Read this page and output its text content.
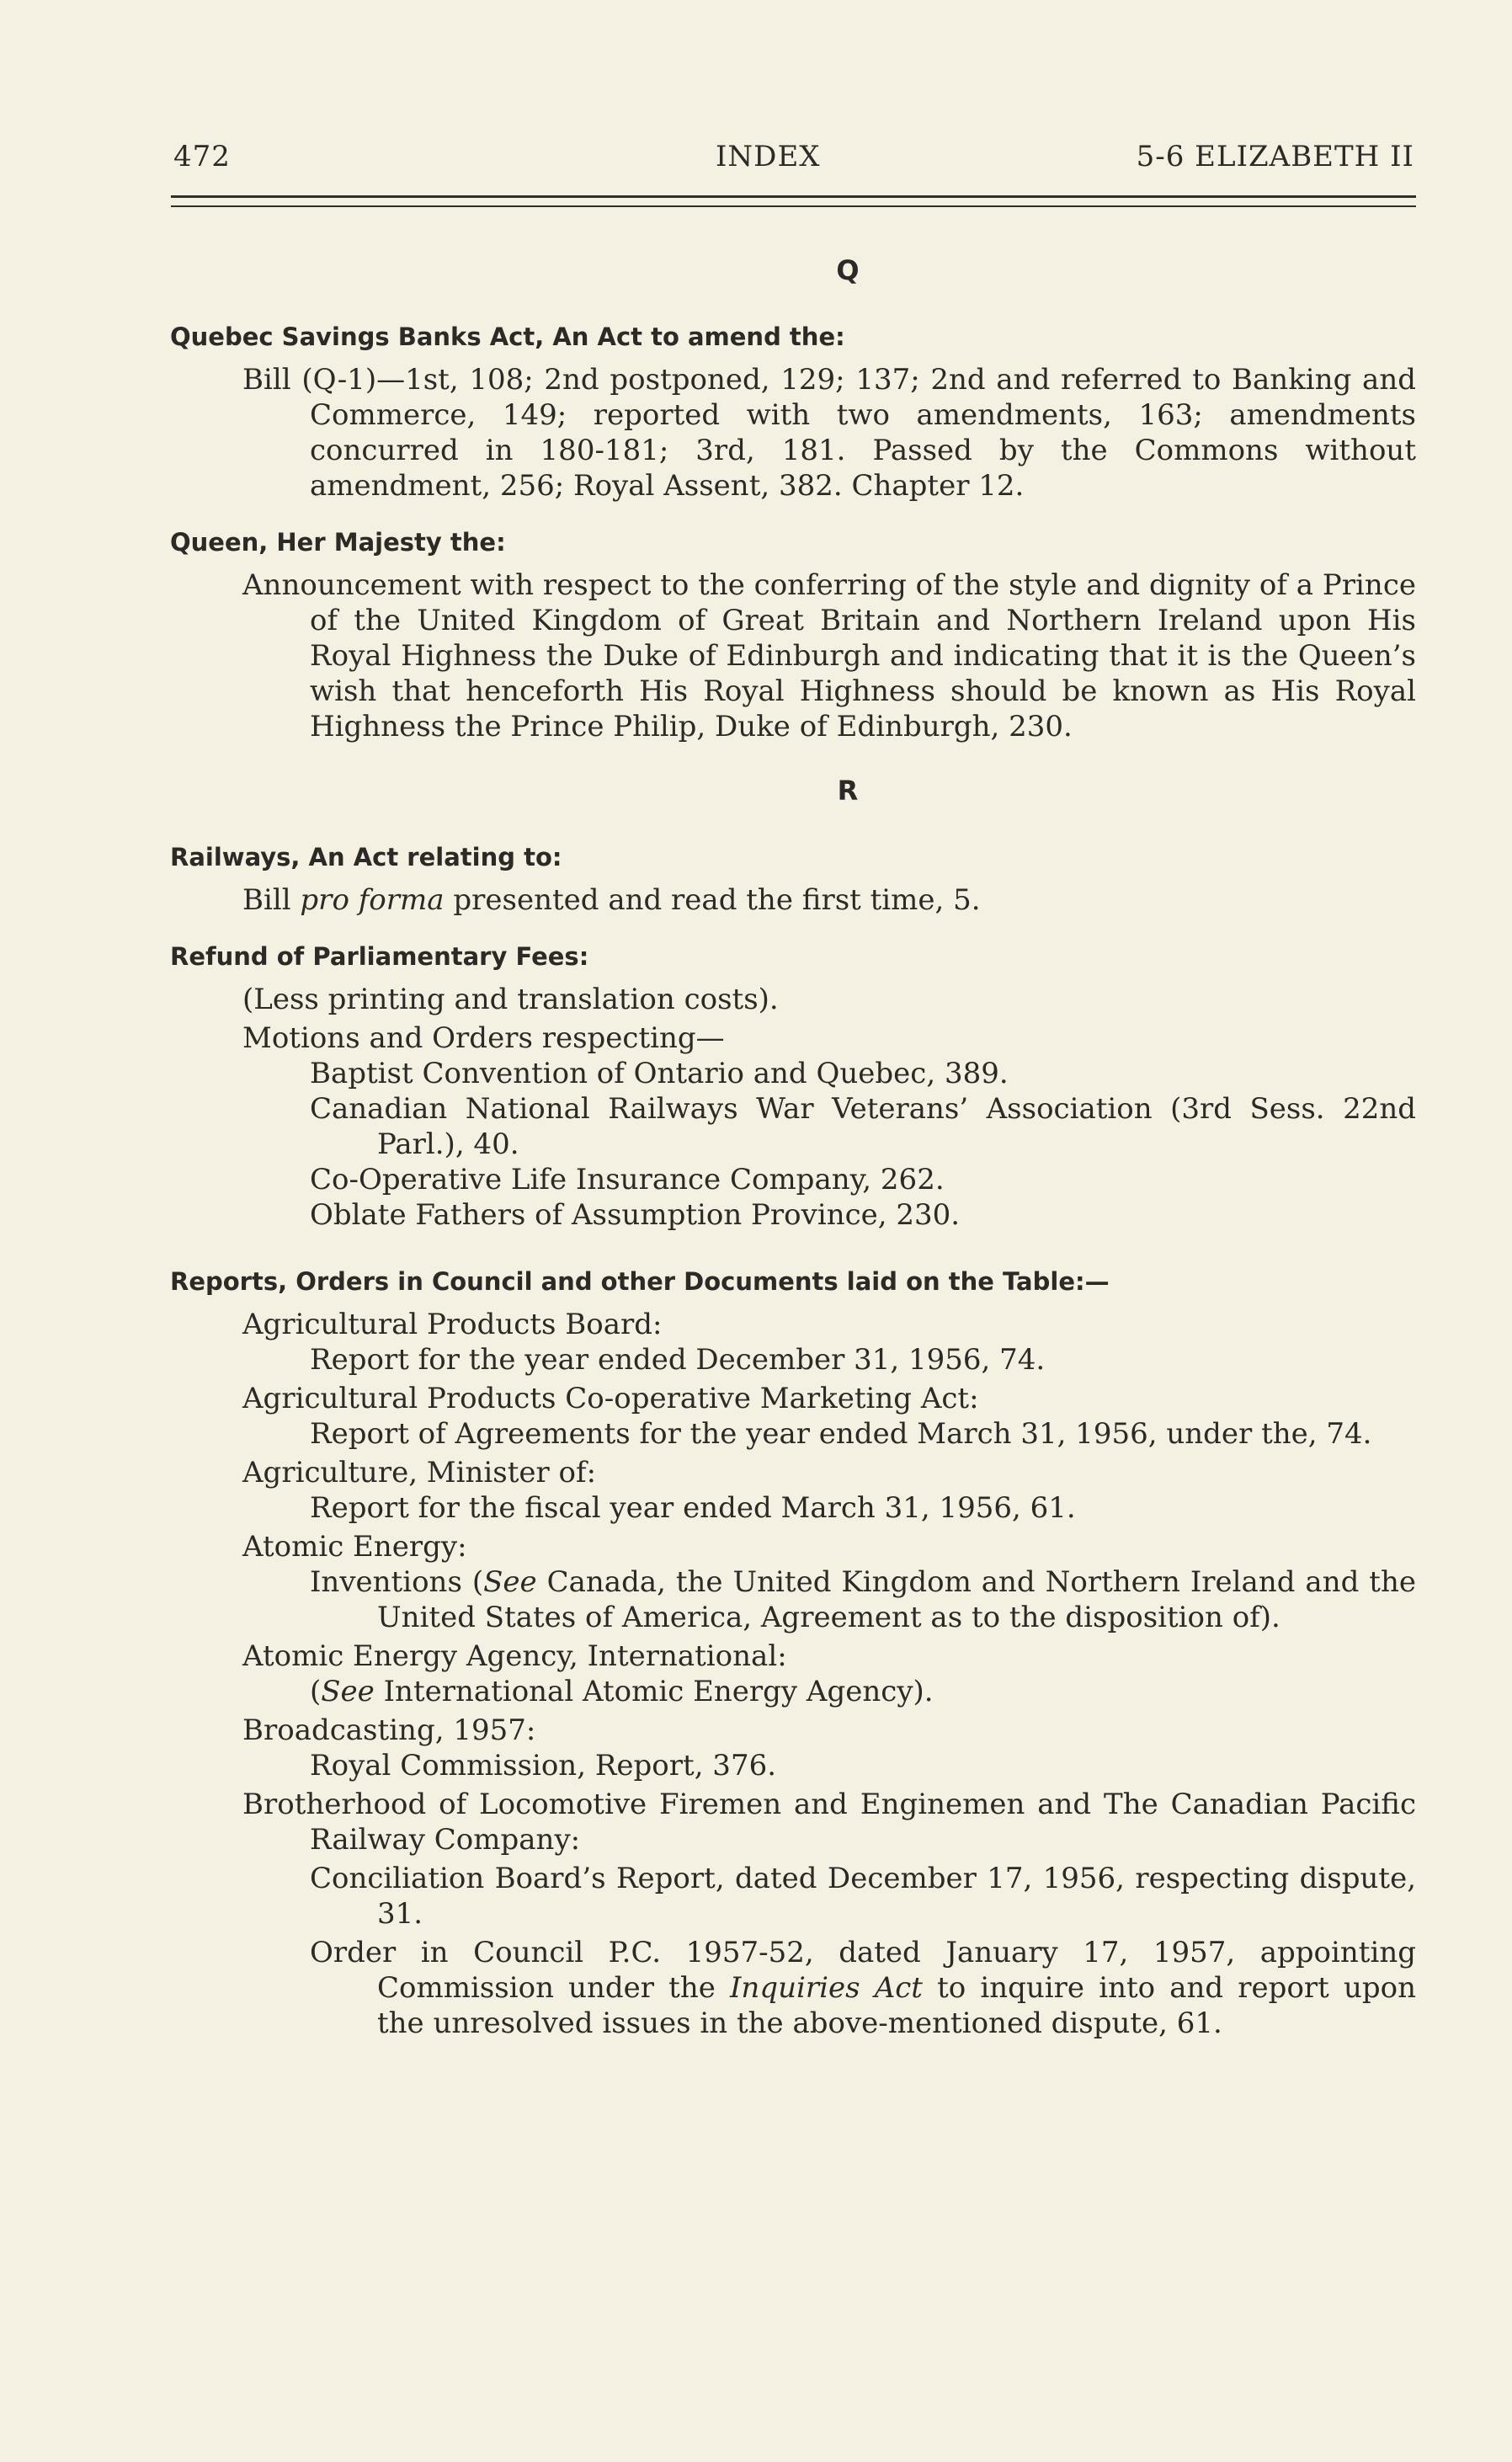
472	INDEX	5-6 ELIZABETH II
Q
Quebec Savings Banks Act, An Act to amend the:
Bill (Q-1)—1st, 108; 2nd postponed, 129; 137; 2nd and referred to Banking and Commerce, 149; reported with two amendments, 163; amendments concurred in 180-181; 3rd, 181. Passed by the Commons without amendment, 256; Royal Assent, 382. Chapter 12.
Queen, Her Majesty the:
Announcement with respect to the conferring of the style and dignity of a Prince of the United Kingdom of Great Britain and Northern Ireland upon His Royal Highness the Duke of Edinburgh and indicating that it is the Queen’s wish that henceforth His Royal Highness should be known as His Royal Highness the Prince Philip, Duke of Edinburgh, 230.
R
Railways, An Act relating to:
Bill pro forma presented and read the first time, 5.
Refund of Parliamentary Fees:
(Less printing and translation costs).
Motions and Orders respecting—
Baptist Convention of Ontario and Quebec, 389.
Canadian National Railways War Veterans’ Association (3rd Sess. 22nd Parl.), 40.
Co-Operative Life Insurance Company, 262.
Oblate Fathers of Assumption Province, 230.
Reports, Orders in Council and other Documents laid on the Table:—
Agricultural Products Board:
Report for the year ended December 31, 1956, 74.
Agricultural Products Co-operative Marketing Act:
Report of Agreements for the year ended March 31, 1956, under the, 74.
Agriculture, Minister of:
Report for the fiscal year ended March 31, 1956, 61.
Atomic Energy:
Inventions (See Canada, the United Kingdom and Northern Ireland and the United States of America, Agreement as to the disposition of).
Atomic Energy Agency, International:
(See International Atomic Energy Agency).
Broadcasting, 1957:
Royal Commission, Report, 376.
Brotherhood of Locomotive Firemen and Enginemen and The Canadian Pacific Railway Company:
Conciliation Board’s Report, dated December 17, 1956, respecting dispute, 31.
Order in Council P.C. 1957-52, dated January 17, 1957, appointing Commission under the Inquiries Act to inquire into and report upon the unresolved issues in the above-mentioned dispute, 61.
